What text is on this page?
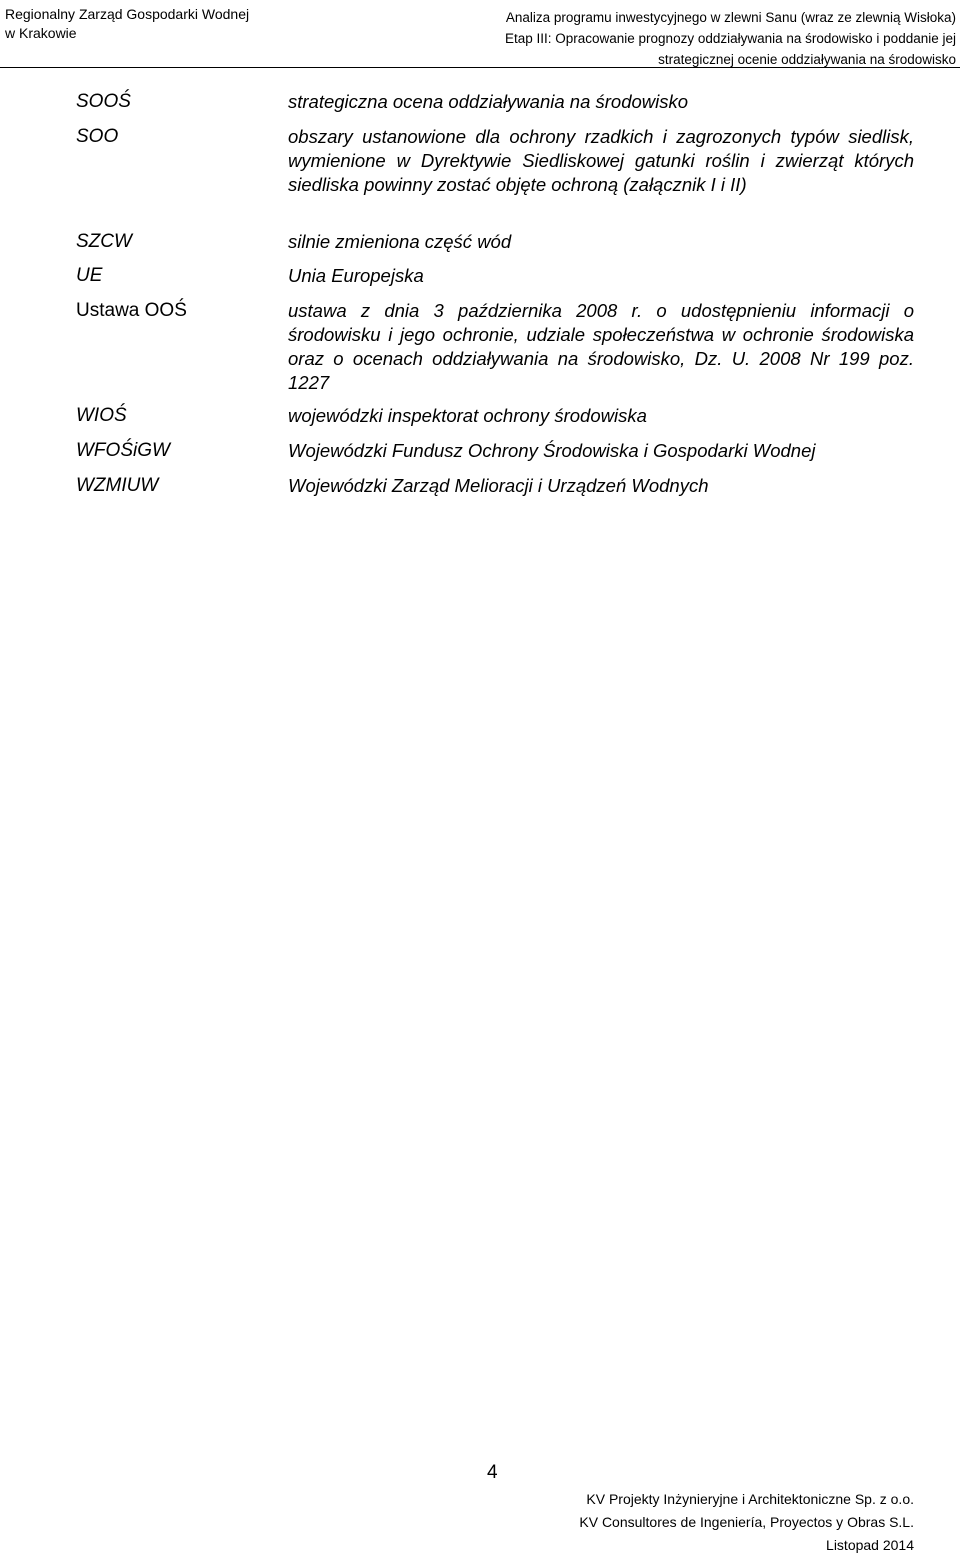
Regionalny Zarząd Gospodarki Wodnej
w Krakowie
Analiza programu inwestycyjnego w zlewni Sanu (wraz ze zlewnią Wisłoka)
Etap III: Opracowanie prognozy oddziaływania na środowisko i poddanie jej
strategicznej ocenie oddziaływania na środowisko
SOOŚ	strategiczna ocena oddziaływania na środowisko
SOO	obszary ustanowione dla ochrony rzadkich i zagrozonych typów siedlisk, wymienione w Dyrektywie Siedliskowej gatunki roślin i zwierząt których siedliska powinny zostać objęte ochroną (załącznik I i II)
SZCW	silnie zmieniona część wód
UE	Unia Europejska
Ustawa OOŚ	ustawa z dnia 3 października 2008 r. o udostępnieniu informacji o środowisku i jego ochronie, udziale społeczeństwa w ochronie środowiska oraz o ocenach oddziaływania na środowisko, Dz. U. 2008 Nr 199 poz. 1227
WIOŚ	wojewódzki inspektorat ochrony środowiska
WFOŚiGW	Wojewódzki Fundusz Ochrony Środowiska i Gospodarki Wodnej
WZMIUW	Wojewódzki Zarząd Melioracji i Urządzeń Wodnych
4
KV Projekty Inżynieryjne i Architektoniczne Sp. z o.o.
KV Consultores de Ingeniería, Proyectos y Obras S.L.
Listopad 2014
